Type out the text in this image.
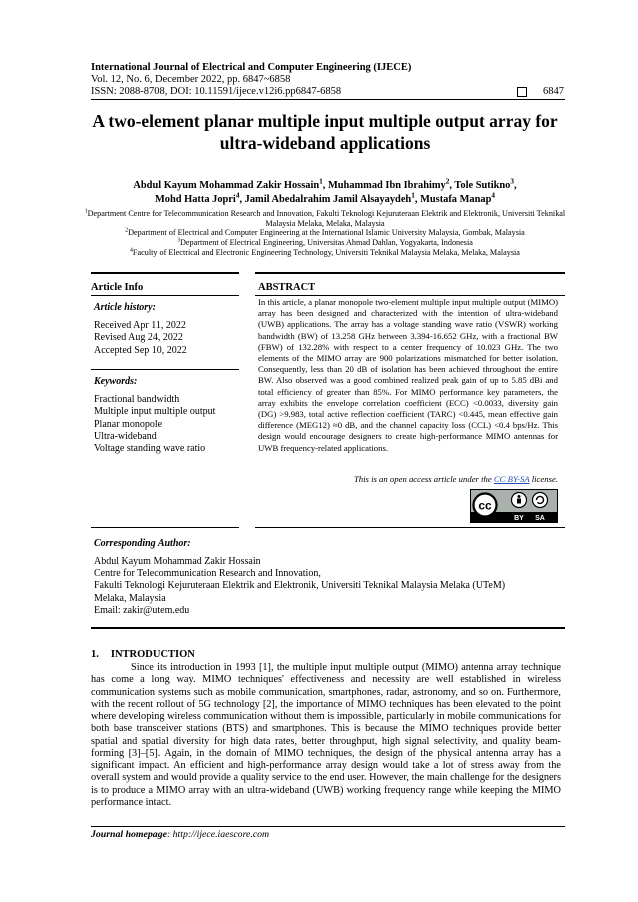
International Journal of Electrical and Computer Engineering (IJECE)
Vol. 12, No. 6, December 2022, pp. 6847~6858
ISSN: 2088-8708, DOI: 10.11591/ijece.v12i6.pp6847-6858	6847
A two-element planar multiple input multiple output array for ultra-wideband applications
Abdul Kayum Mohammad Zakir Hossain$^1$, Muhammad Ibn Ibrahimy$^2$, Tole Sutikno$^3$,
Mohd Hatta Jopri$^4$, Jamil Abedalrahim Jamil Alsayaydeh$^1$, Mustafa Manap$^4$
$^1$Department Centre for Telecommunication Research and Innovation, Fakulti Teknologi Kejuruteraan Elektrik and Elektronik, Universiti Teknikal Malaysia Melaka, Melaka, Malaysia
$^2$Department of Electrical and Computer Engineering at the International Islamic University Malaysia, Gombak, Malaysia
$^3$Department of Electrical Engineering, Universitas Ahmad Dahlan, Yogyakarta, Indonesia
$^4$Faculty of Electrical and Electronic Engineering Technology, Universiti Teknikal Malaysia Melaka, Melaka, Malaysia
Article Info
Article history:
Received Apr 11, 2022
Revised Aug 24, 2022
Accepted Sep 10, 2022
Keywords:
Fractional bandwidth
Multiple input multiple output
Planar monopole
Ultra-wideband
Voltage standing wave ratio
ABSTRACT
In this article, a planar monopole two-element multiple input multiple output (MIMO) array has been designed and characterized with the intention of ultra-wideband (UWB) applications. The array has a voltage standing wave ratio (VSWR) working bandwidth (BW) of 13.258 GHz between 3.394-16.652 GHz, with a fractional BW (FBW) of 132.28% with respect to a center frequency of 10.023 GHz. The two elements of the MIMO array are 900 polarizations mismatched for better isolation. Consequently, less than 20 dB of isolation has been achieved throughout the entire BW. Also observed was a good combined realized peak gain of up to 5.85 dBi and total efficiency of greater than 85%. For MIMO performance key parameters, the array exhibits the envelope correlation coefficient (ECC) <0.0033, diversity gain (DG) >9.983, total active reflection coefficient (TARC) <0.445, mean effective gain difference (MEG12) ≈0 dB, and the channel capacity loss (CCL) <0.4 bps/Hz. This design would encourage designers to create high-performance MIMO antennas for UWB frequency-related applications.
This is an open access article under the CC BY-SA license.
cc
BY SA
Corresponding Author:
Abdul Kayum Mohammad Zakir Hossain
Centre for Telecommunication Research and Innovation,
Fakulti Teknologi Kejuruteraan Elektrik and Elektronik, Universiti Teknikal Malaysia Melaka (UTeM)
Melaka, Malaysia
Email: zakir@utem.edu
1. INTRODUCTION
Since its introduction in 1993 [1], the multiple input multiple output (MIMO) antenna array technique has come a long way. MIMO techniques' effectiveness and necessity are well established in wireless communication systems such as mobile communication, smartphones, radar, astronomy, and so on. Furthermore, with the recent rollout of 5G technology [2], the importance of MIMO techniques has been elevated to the point where developing wireless communication without them is impossible, particularly in mobile communications for both base transceiver stations (BTS) and smartphones. This is because the MIMO techniques provide better spatial and spatial diversity for high data rates, better throughput, high signal selectivity, and quality beam-forming [3]–[5]. Again, in the domain of MIMO techniques, the design of the physical antenna array has a significant impact. An efficient and high-performance array design would take a lot of stress away from the overall system and would provide a quality service to the end user. However, the main challenge for the designers is to produce a MIMO array with an ultra-wideband (UWB) working frequency range while keeping the MIMO performance intact.
Journal homepage: http://ijece.iaescore.com
